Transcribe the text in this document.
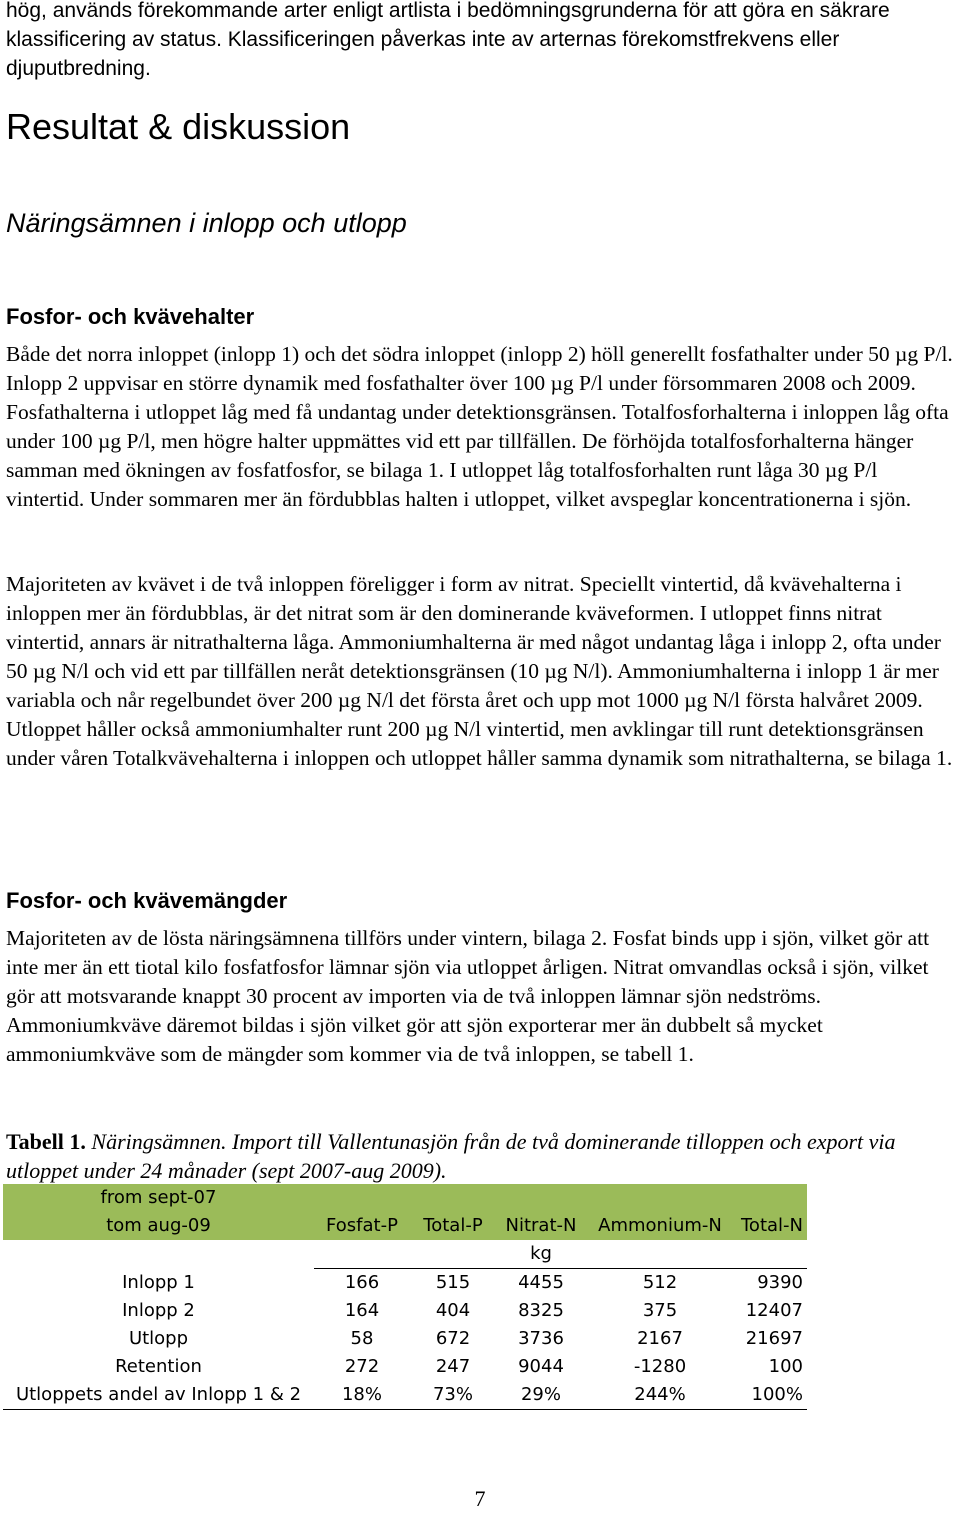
hög, används förekommande arter enligt artlista i bedömningsgrunderna för att göra en säkrare klassificering av status. Klassificeringen påverkas inte av arternas förekomstfrekvens eller djuputbredning.

Resultat & diskussion
Näringsämnen i inlopp och utlopp
Fosfor- och kvävehalter

Både det norra inloppet (inlopp 1) och det södra inloppet (inlopp 2) höll generellt fosfathalter under 50 µg P/l. Inlopp 2 uppvisar en större dynamik med fosfathalter över 100 µg P/l under försommaren 2008 och 2009. Fosfathalterna i utloppet låg med få undantag under detektionsgränsen. Totalfosforhalterna i inloppen låg ofta under 100 µg P/l, men högre halter uppmättes vid ett par tillfällen. De förhöjda totalfosforhalterna hänger samman med ökningen av fosfatfosfor, se bilaga 1. I utloppet låg totalfosforhalten runt låga 30 µg P/l vintertid. Under sommaren mer än fördubblas halten i utloppet, vilket avspeglar koncentrationerna i sjön.

Majoriteten av kvävet i de två inloppen föreligger i form av nitrat. Speciellt vintertid, då kvävehalterna i inloppen mer än fördubblas, är det nitrat som är den dominerande kväveformen. I utloppet finns nitrat vintertid, annars är nitrathalterna låga. Ammoniumhalterna är med något undantag låga i inlopp 2, ofta under 50 µg N/l och vid ett par tillfällen neråt detektionsgränsen (10 µg N/l). Ammoniumhalterna i inlopp 1 är mer variabla och når regelbundet över 200 µg N/l det första året och upp mot 1000 µg N/l första halvåret 2009. Utloppet håller också ammoniumhalter runt 200 µg N/l vintertid, men avklingar till runt detektionsgränsen under våren Totalkvävehalterna i inloppen och utloppet håller samma dynamik som nitrathalterna, se bilaga 1.

Fosfor- och kvävemängder

Majoriteten av de lösta näringsämnena tillförs under vintern, bilaga 2. Fosfat binds upp i sjön, vilket gör att inte mer än ett tiotal kilo fosfatfosfor lämnar sjön via utloppet årligen. Nitrat omvandlas också i sjön, vilket gör att motsvarande knappt 30 procent av importen via de två inloppen lämnar sjön nedströms. Ammoniumkväve däremot bildas i sjön vilket gör att sjön exporterar mer än dubbelt så mycket ammoniumkväve som de mängder som kommer via de två inloppen, se tabell 1.

Tabell 1. Näringsämnen. Import till Vallentunasjön från de två dominerande tilloppen och export via utloppet under 24 månader (sept 2007-aug 2009).

from sept-07					
tom aug-09	Fosfat-P	Total-P	Nitrat-N	Ammonium-N	Total-N
			kg		
Inlopp 1	166	515	4455	512	9390
Inlopp 2	164	404	8325	375	12407
Utlopp	58	672	3736	2167	21697
Retention	272	247	9044	-1280	100
Utloppets andel av Inlopp 1 & 2	18%	73%	29%	244%	100%
7
